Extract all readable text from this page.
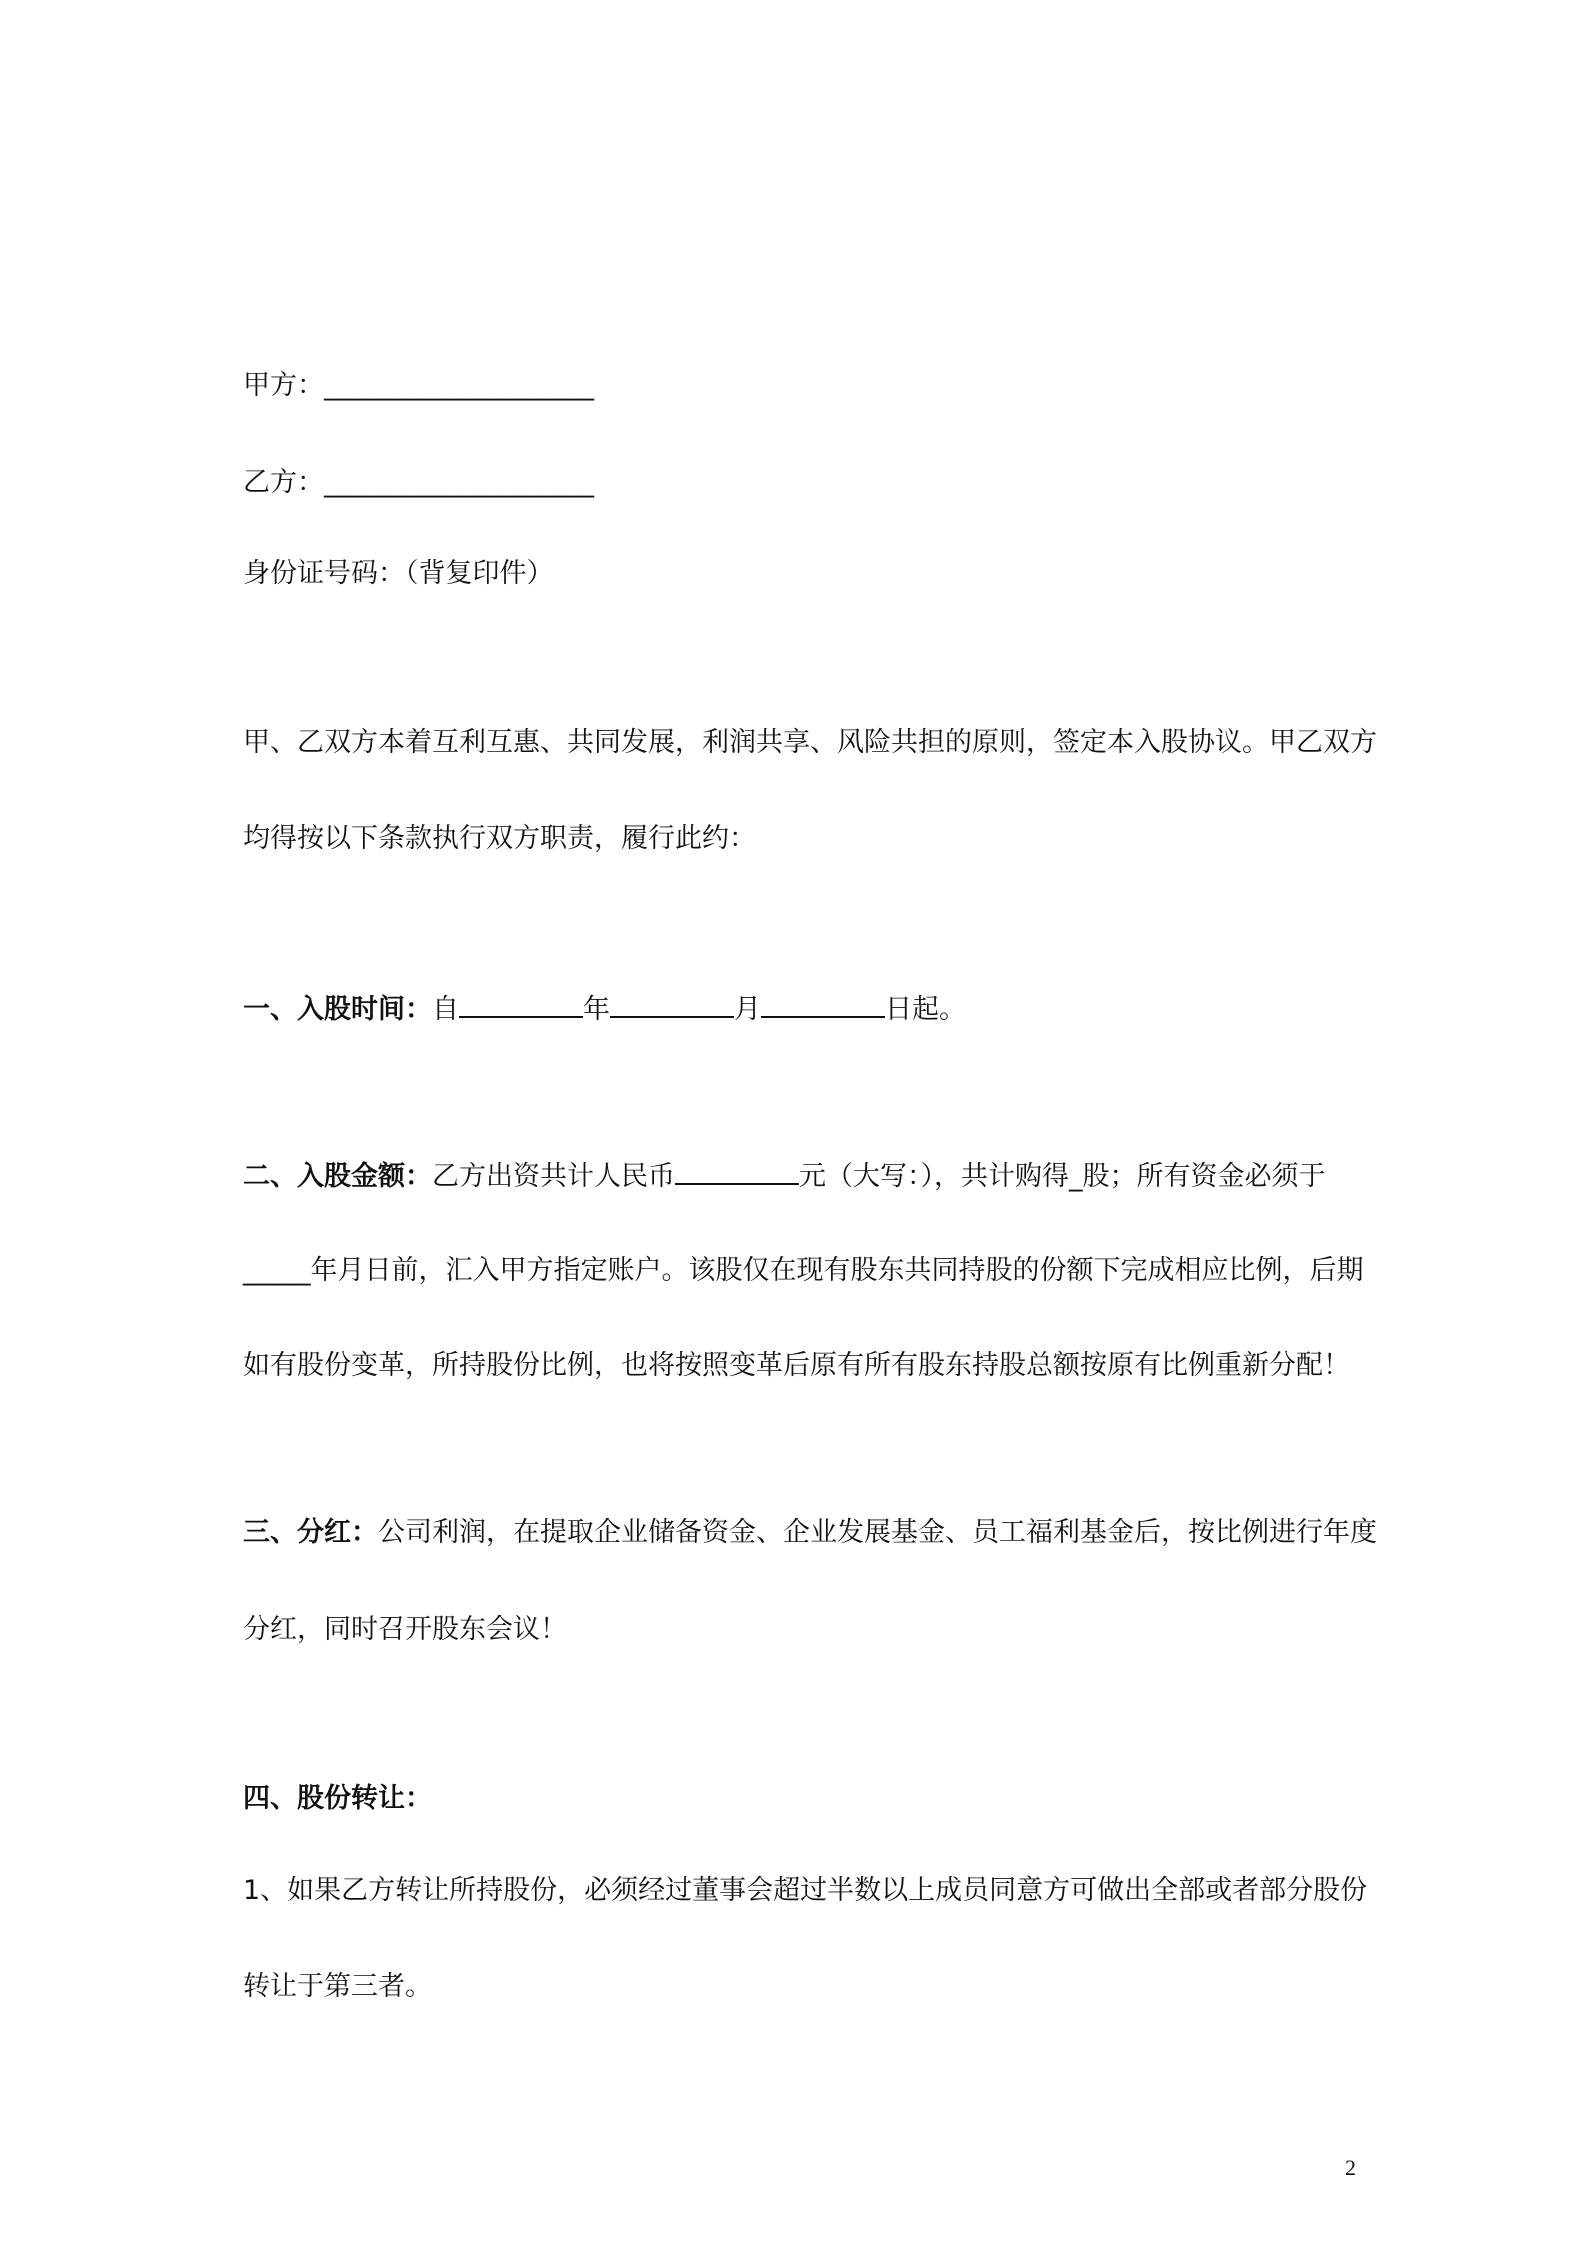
甲方：____________________
乙方：____________________
身份证号码：（背复印件）
甲、乙双方本着互利互惠、共同发展，利润共享、风险共担的原则，签定本入股协议。甲乙双方
均得按以下条款执行双方职责，履行此约：
一、入股时间：自	年	月	日起。
二、入股金额：乙方出资共计人民币	元（大写：），共计购得_股；所有资金必须于
_____年月日前，汇入甲方指定账户。该股仅在现有股东共同持股的份额下完成相应比例，后期
如有股份变革，所持股份比例，也将按照变革后原有所有股东持股总额按原有比例重新分配！
三、分红：公司利润，在提取企业储备资金、企业发展基金、员工福利基金后，按比例进行年度
分红，同时召开股东会议！
四、股份转让：
1、如果乙方转让所持股份，必须经过董事会超过半数以上成员同意方可做出全部或者部分股份
转让于第三者。
2
